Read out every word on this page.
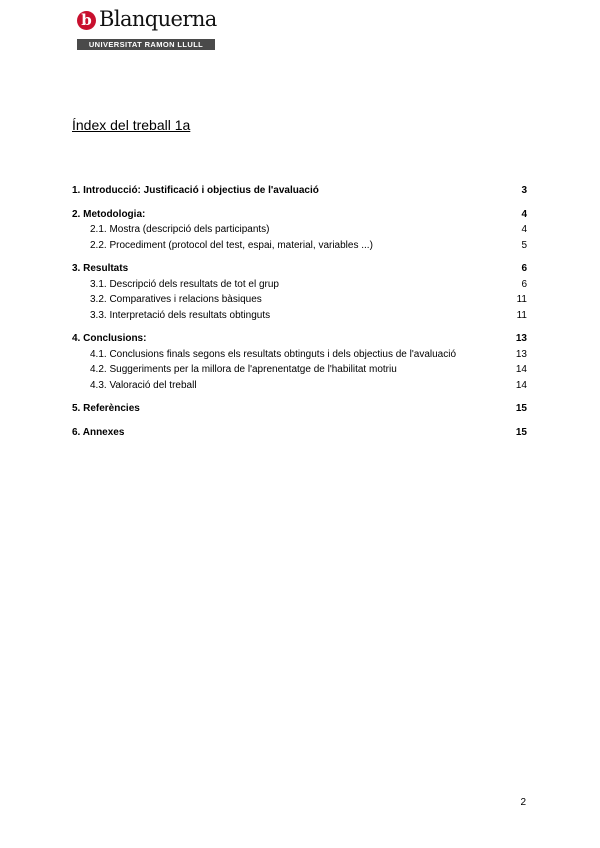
b Blanquerna
UNIVERSITAT RAMON LLULL
Índex del treball 1a
1. Introducció: Justificació i objectius de l'avaluació	3
2. Metodologia:	4
2.1. Mostra (descripció dels participants)	4
2.2. Procediment (protocol del test, espai, material, variables ...)	5
3. Resultats	6
3.1. Descripció dels resultats de tot el grup	6
3.2. Comparatives i relacions bàsiques	11
3.3. Interpretació dels resultats obtinguts	11
4. Conclusions:	13
4.1. Conclusions finals segons els resultats obtinguts i dels objectius de l'avaluació	13
4.2. Suggeriments per la millora de l'aprenentatge de l'habilitat motriu	14
4.3. Valoració del treball	14
5. Referències	15
6. Annexes	15
2
